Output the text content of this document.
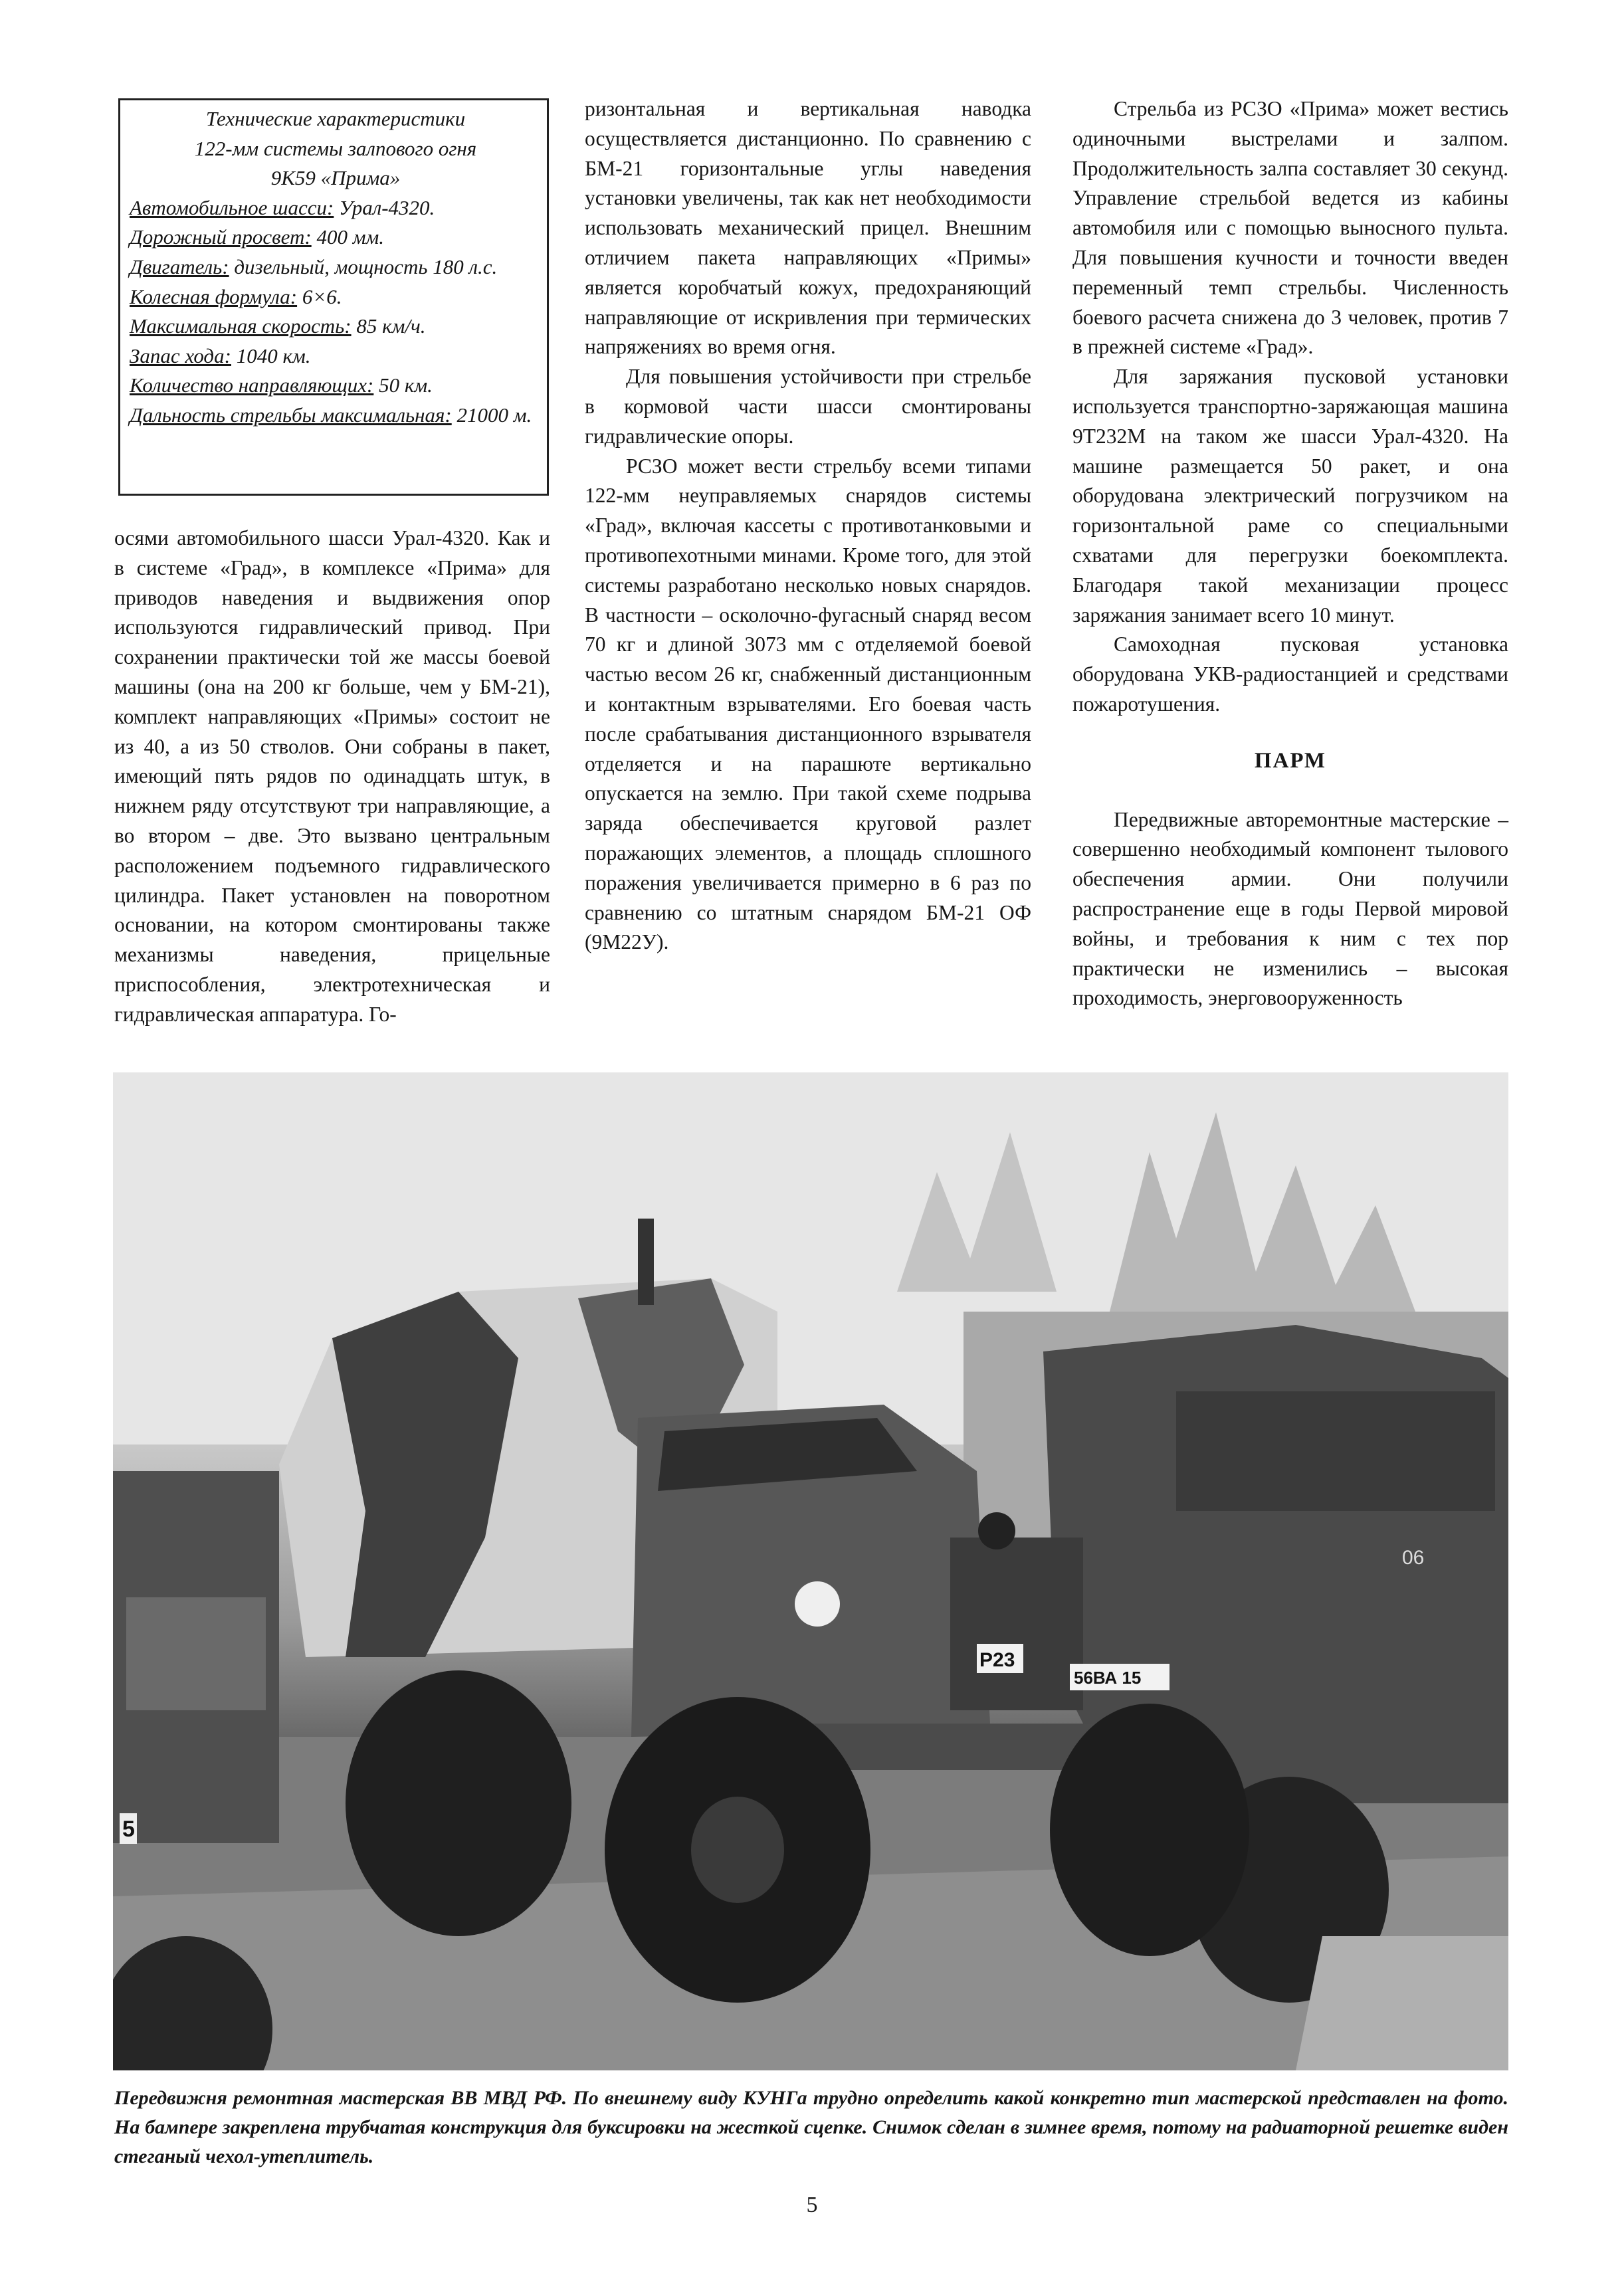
Технические характеристики
122-мм системы залпового огня
9К59 «Прима»
Автомобильное шасси: Урал-4320.
Дорожный просвет: 400 мм.
Двигатель: дизельный, мощность 180 л.с.
Колесная формула: 6×6.
Максимальная скорость: 85 км/ч.
Запас хода: 1040 км.
Количество направляющих: 50 км.
Дальность стрельбы максимальная: 21000 м.

осями автомобильного шасси Урал-4320. Как и в системе «Град», в комплексе «Прима» для приводов наведения и выдвижения опор используются гидравлический привод. При сохранении практически той же массы боевой машины (она на 200 кг больше, чем у БМ-21), комплект направляющих «Примы» состоит не из 40, а из 50 стволов. Они собраны в пакет, имеющий пять рядов по одинадцать штук, в нижнем ряду отсутствуют три направляющие, а во втором – две. Это вызвано центральным расположением подъемного гидравлического цилиндра. Пакет установлен на поворотном основании, на котором смонтированы также механизмы наведения, прицельные приспособления, электротехническая и гидравлическая аппаратура. Го-

ризонтальная и вертикальная наводка осуществляется дистанционно. По сравнению с БМ-21 горизонтальные углы наведения установки увеличены, так как нет необходимости использовать механический прицел. Внешним отличием пакета направляющих «Примы» является коробчатый кожух, предохраняющий направляющие от искривления при термических напряжениях во время огня.

Для повышения устойчивости при стрельбе в кормовой части шасси смонтированы гидравлические опоры.

РСЗО может вести стрельбу всеми типами 122-мм неуправляемых снарядов системы «Град», включая кассеты с противотанковыми и противопехотными минами. Кроме того, для этой системы разработано несколько новых снарядов. В частности – осколочно-фугасный снаряд весом 70 кг и длиной 3073 мм с отделяемой боевой частью весом 26 кг, снабженный дистанционным и контактным взрывателями. Его боевая часть после срабатывания дистанционного взрывателя отделяется и на парашюте вертикально опускается на землю. При такой схеме подрыва заряда обеспечивается круговой разлет поражающих элементов, а площадь сплошного поражения увеличивается примерно в 6 раз по сравнению со штатным снарядом БМ-21 ОФ (9М22У).

Стрельба из РСЗО «Прима» может вестись одиночными выстрелами и залпом. Продолжительность залпа составляет 30 секунд. Управление стрельбой ведется из кабины автомобиля или с помощью выносного пульта. Для повышения кучности и точности введен переменный темп стрельбы. Численность боевого расчета снижена до 3 человек, против 7 в прежней системе «Град».

Для заряжания пусковой установки используется транспортно-заряжающая машина 9Т232М на таком же шасси Урал-4320. На машине размещается 50 ракет, и она оборудована электрический погрузчиком на горизонтальной раме со специальными схватами для перегрузки боекомплекта. Благодаря такой механизации процесс заряжания занимает всего 10 минут.

Самоходная пусковая установка оборудована УКВ-радиостанцией и средствами пожаротушения.

ПАРМ

Передвижные авторемонтные мастерские – совершенно необходимый компонент тылового обеспечения армии. Они получили распространение еще в годы Первой мировой войны, и требования к ним с тех пор практически не изменились – высокая проходимость, энерговооруженность

5
06
P23
56ВА 15
Передвижня ремонтная мастерская ВВ МВД РФ. По внешнему виду КУНГа трудно определить какой конкретно тип мастерской представлен на фото. На бампере закреплена трубчатая конструкция для буксировки на жесткой сцепке. Снимок сделан в зимнее время, потому на радиаторной решетке виден стеганый чехол-утеплитель.
5
